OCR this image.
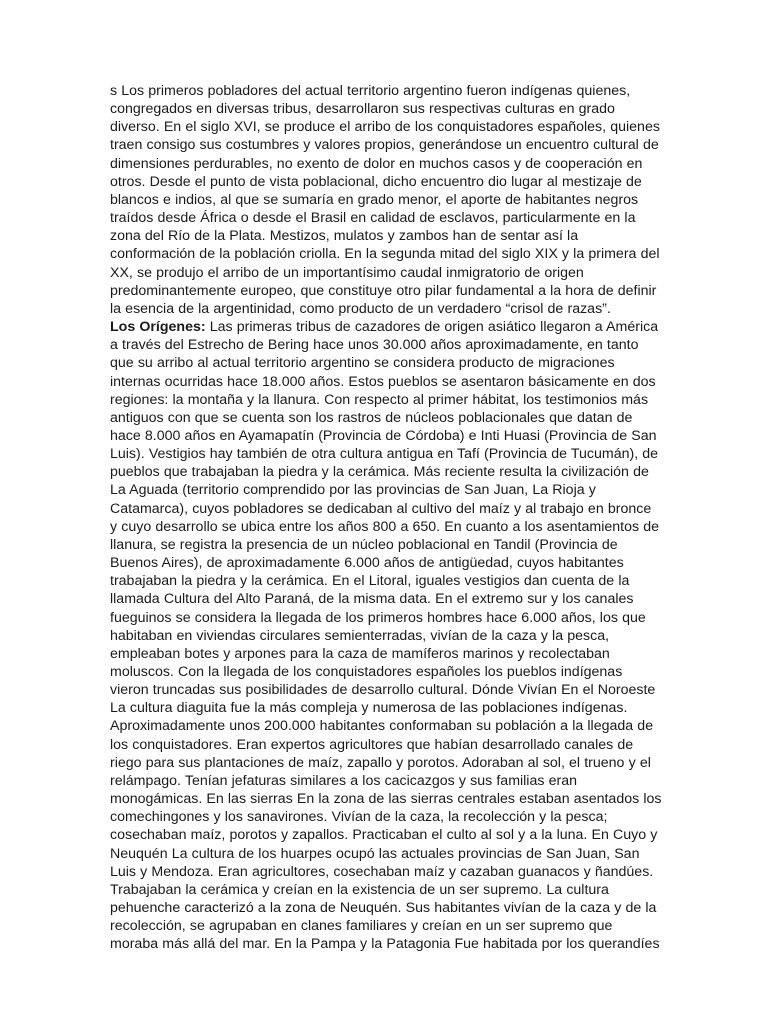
s Los primeros pobladores del actual territorio argentino fueron indígenas quienes, congregados en diversas tribus, desarrollaron sus respectivas culturas en grado diverso. En el siglo XVI, se produce el arribo de los conquistadores españoles, quienes traen consigo sus costumbres y valores propios, generándose un encuentro cultural de dimensiones perdurables, no exento de dolor en muchos casos y de cooperación en otros. Desde el punto de vista poblacional, dicho encuentro dio lugar al mestizaje de blancos e indios, al que se sumaría en grado menor, el aporte de habitantes negros traídos desde África o desde el Brasil en calidad de esclavos, particularmente en la zona del Río de la Plata. Mestizos, mulatos y zambos han de sentar así la conformación de la población criolla. En la segunda mitad del siglo XIX y la primera del XX, se produjo el arribo de un importantísimo caudal inmigratorio de origen predominantemente europeo, que constituye otro pilar fundamental a la hora de definir la esencia de la argentinidad, como producto de un verdadero “crisol de razas”.

Los Orígenes: Las primeras tribus de cazadores de origen asiático llegaron a América a través del Estrecho de Bering hace unos 30.000 años aproximadamente, en tanto que su arribo al actual territorio argentino se considera producto de migraciones internas ocurridas hace 18.000 años. Estos pueblos se asentaron básicamente en dos regiones: la montaña y la llanura. Con respecto al primer hábitat, los testimonios más antiguos con que se cuenta son los rastros de núcleos poblacionales que datan de hace 8.000 años en Ayamapatín (Provincia de Córdoba) e Inti Huasi (Provincia de San Luis). Vestigios hay también de otra cultura antigua en Tafí (Provincia de Tucumán), de pueblos que trabajaban la piedra y la cerámica. Más reciente resulta la civilización de La Aguada (territorio comprendido por las provincias de San Juan, La Rioja y Catamarca), cuyos pobladores se dedicaban al cultivo del maíz y al trabajo en bronce y cuyo desarrollo se ubica entre los años 800 a 650. En cuanto a los asentamientos de llanura, se registra la presencia de un núcleo poblacional en Tandil (Provincia de Buenos Aires), de aproximadamente 6.000 años de antigüedad, cuyos habitantes trabajaban la piedra y la cerámica. En el Litoral, iguales vestigios dan cuenta de la llamada Cultura del Alto Paraná, de la misma data. En el extremo sur y los canales fueguinos se considera la llegada de los primeros hombres hace 6.000 años, los que habitaban en viviendas circulares semienterradas, vivían de la caza y la pesca, empleaban botes y arpones para la caza de mamíferos marinos y recolectaban moluscos. Con la llegada de los conquistadores españoles los pueblos indígenas vieron truncadas sus posibilidades de desarrollo cultural. Dónde Vivían En el Noroeste La cultura diaguita fue la más compleja y numerosa de las poblaciones indígenas. Aproximadamente unos 200.000 habitantes conformaban su población a la llegada de los conquistadores. Eran expertos agricultores que habían desarrollado canales de riego para sus plantaciones de maíz, zapallo y porotos. Adoraban al sol, el trueno y el relámpago. Tenían jefaturas similares a los cacicazgos y sus familias eran monogámicas. En las sierras En la zona de las sierras centrales estaban asentados los comechingones y los sanavirones. Vivían de la caza, la recolección y la pesca; cosechaban maíz, porotos y zapallos. Practicaban el culto al sol y a la luna. En Cuyo y Neuquén La cultura de los huarpes ocupó las actuales provincias de San Juan, San Luis y Mendoza. Eran agricultores, cosechaban maíz y cazaban guanacos y ñandúes. Trabajaban la cerámica y creían en la existencia de un ser supremo. La cultura pehuenche caracterizó a la zona de Neuquén. Sus habitantes vivían de la caza y de la recolección, se agrupaban en clanes familiares y creían en un ser supremo que moraba más allá del mar. En la Pampa y la Patagonia Fue habitada por los querandíes
